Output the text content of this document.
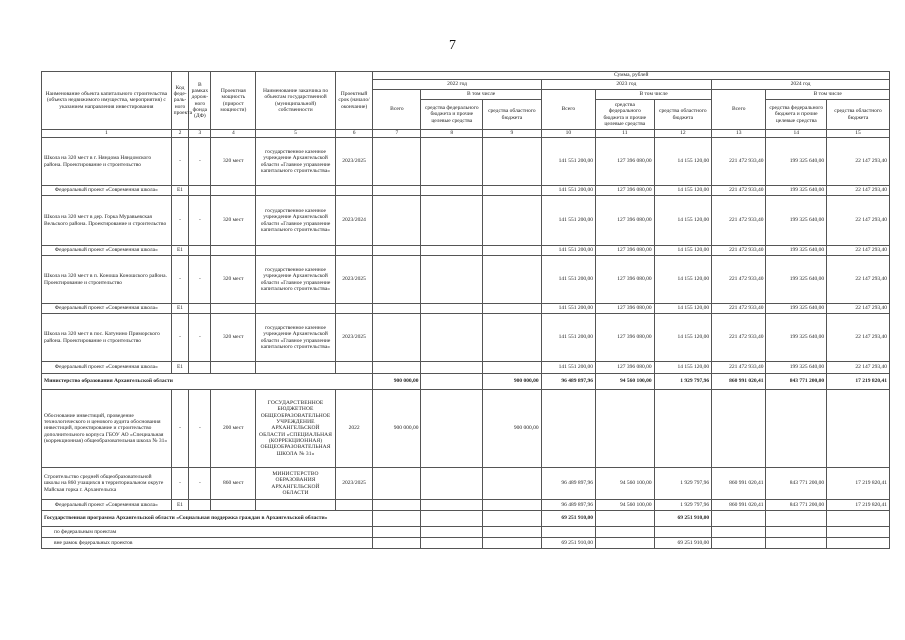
7
Наименование объекта капитального строительства (объекта недвижимого имущества, мероприятия) с указанием направления инвестирования	Код феде-раль-ного проекта	В рамках дорож-ного фонда (ДФ)	Проектная мощность (прирост мощности)	Наименование заказчика по объектам государственной (муниципальной) собственности	Проектный срок (начало/окончание)	Сумма, рублей								
						2022 год			2023 год			2024 год		
						Всего	В том числе		Всего	В том числе		Всего	В том числе	
							средства федерального бюджета и прочие целевые средства	средства областного бюджета		средства федерального бюджета и прочие целевые средства	средства областного бюджета		средства федерального бюджета и прочие целевые средства	средства областного бюджета
1	2	3	4	5	6	7	8	9	10	11	12	13	14	15
Школа на 320 мест в г. Няндома Няндомского района. Проектирование и строительство	-	-	320 мест	государственное казенное учреждение Архангельской области «Главное управление капитального строительства»	2023/2025				141 551 200,00	127 396 080,00	14 155 120,00	221 472 933,40	199 325 640,00	22 147 293,40
Федеральный проект «Современная школа»	E1								141 551 200,00	127 396 080,00	14 155 120,00	221 472 933,40	199 325 640,00	22 147 293,40
Школа на 320 мест в дер. Горка Муравьевская Вельского района. Проектирование и строительство	-	-	320 мест	государственное казенное учреждение Архангельской области «Главное управление капитального строительства»	2023/2024				141 551 200,00	127 396 080,00	14 155 120,00	221 472 933,40	199 325 640,00	22 147 293,40
Федеральный проект «Современная школа»	E1								141 551 200,00	127 396 080,00	14 155 120,00	221 472 933,40	199 325 640,00	22 147 293,40
Школа на 320 мест в п. Коноша Коношского района. Проектирование и строительство	-	-	320 мест	государственное казенное учреждение Архангельской области «Главное управление капитального строительства»	2023/2025				141 551 200,00	127 396 080,00	14 155 120,00	221 472 933,40	199 325 640,00	22 147 293,40
Федеральный проект «Современная школа»	E1								141 551 200,00	127 396 080,00	14 155 120,00	221 472 933,40	199 325 640,00	22 147 293,40
Школа на 320 мест в пос. Катунино Приморского района. Проектирование и строительство	-	-	320 мест	государственное казенное учреждение Архангельской области «Главное управление капитального строительства»	2023/2025				141 551 200,00	127 396 080,00	14 155 120,00	221 472 933,40	199 325 640,00	22 147 293,40
Федеральный проект «Современная школа»	E1								141 551 200,00	127 396 080,00	14 155 120,00	221 472 933,40	199 325 640,00	22 147 293,40
Министерство образования Архангельской области						900 000,00		900 000,00	96 489 897,96	94 560 100,00	1 929 797,96	860 991 020,41	843 771 200,00	17 219 820,41
Обоснование инвестиций, проведение технологического и ценового аудита обоснования инвестиций, проектирование и строительство дополнительного корпуса ГБОУ АО «Специальная (коррекционная) общеобразовательная школа № 31»	-	-	200 мест	ГОСУДАРСТВЕННОЕ БЮДЖЕТНОЕ ОБЩЕОБРАЗОВАТЕЛЬНОЕ УЧРЕЖДЕНИЕ АРХАНГЕЛЬСКОЙ ОБЛАСТИ «СПЕЦИАЛЬНАЯ (КОРРЕКЦИОННАЯ) ОБЩЕОБРАЗОВАТЕЛЬНАЯ ШКОЛА № 31»	2022	900 000,00		900 000,00						
Строительство средней общеобразовательной школы на 860 учащихся в территориальном округе Майская горка г. Архангельска	-	-	860 мест	МИНИСТЕРСТВО ОБРАЗОВАНИЯ АРХАНГЕЛЬСКОЙ ОБЛАСТИ	2023/2025				96 489 897,96	94 560 100,00	1 929 797,96	860 991 020,41	843 771 200,00	17 219 820,41
Федеральный проект «Современная школа»	E1								96 489 897,96	94 560 100,00	1 929 797,96	860 991 020,41	843 771 200,00	17 219 820,41
Государственная программа Архангельской области «Социальная поддержка граждан в Архангельской области»									69 251 910,00		69 251 910,00			
по федеральным проектам														
вне рамок федеральных проектов									69 251 910,00		69 251 910,00			
